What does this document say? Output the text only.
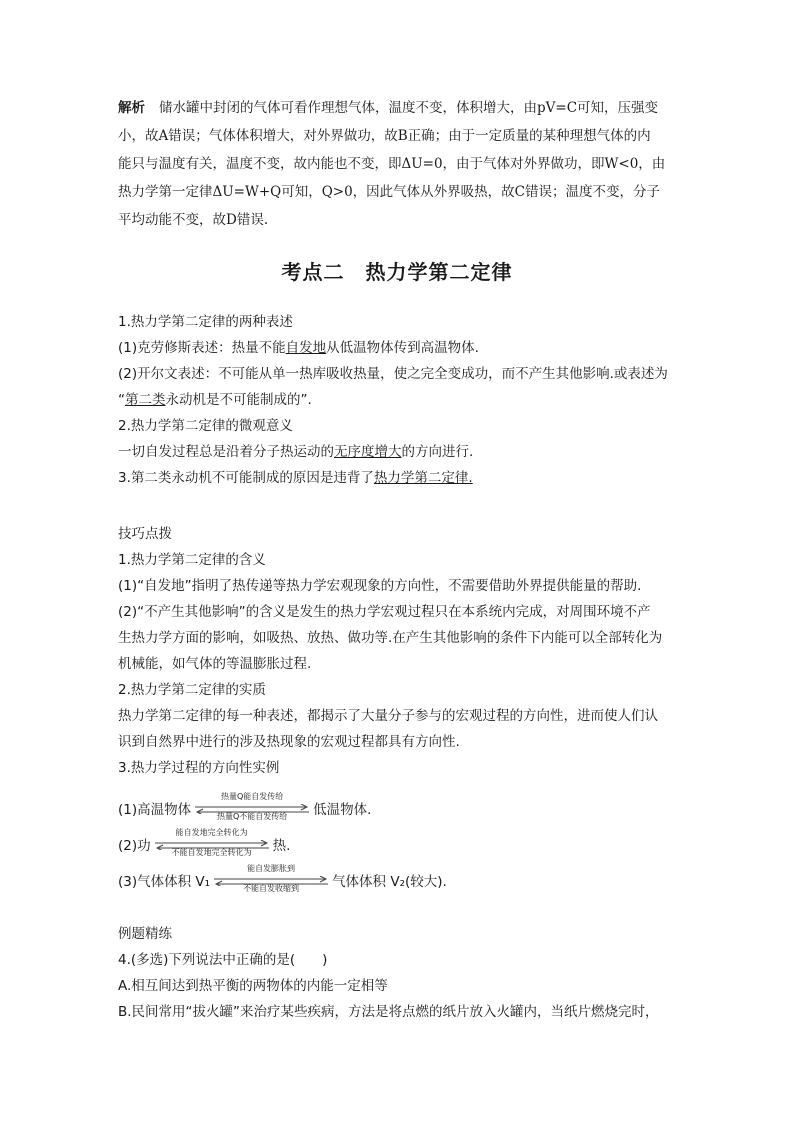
解析 储水罐中封闭的气体可看作理想气体，温度不变，体积增大，由pV=C可知，压强变
小，故A错误；气体体积增大，对外界做功，故B正确；由于一定质量的某种理想气体的内
能只与温度有关，温度不变，故内能也不变，即ΔU=0，由于气体对外界做功，即W<0，由
热力学第一定律ΔU=W+Q可知，Q>0，因此气体从外界吸热，故C错误；温度不变，分子
平均动能不变，故D错误.
考点二　热力学第二定律
1.热力学第二定律的两种表述
(1)克劳修斯表述：热量不能自发地从低温物体传到高温物体.
(2)开尔文表述：不可能从单一热库吸收热量，使之完全变成功，而不产生其他影响.或表述为
“第二类永动机是不可能制成的”.
2.热力学第二定律的微观意义
一切自发过程总是沿着分子热运动的无序度增大的方向进行.
3.第二类永动机不可能制成的原因是违背了热力学第二定律.
技巧点拨
1.热力学第二定律的含义
(1)“自发地”指明了热传递等热力学宏观现象的方向性，不需要借助外界提供能量的帮助.
(2)“不产生其他影响”的含义是发生的热力学宏观过程只在本系统内完成，对周围环境不产
生热力学方面的影响，如吸热、放热、做功等.在产生其他影响的条件下内能可以全部转化为
机械能，如气体的等温膨胀过程.
2.热力学第二定律的实质
热力学第二定律的每一种表述，都揭示了大量分子参与的宏观过程的方向性，进而使人们认
识到自然界中进行的涉及热现象的宏观过程都具有方向性.
3.热力学过程的方向性实例
(1)高温物体
热量Q能自发传给
热量Q不能自发传给	低温物体.
(2)功
能自发地完全转化为
不能自发地完全转化为	热.
(3)气体体积 V₁
能自发膨胀到
不能自发收缩到	气体体积 V₂(较大).
例题精练
4.(多选)下列说法中正确的是(　　)
A.相互间达到热平衡的两物体的内能一定相等
B.民间常用“拔火罐”来治疗某些疾病，方法是将点燃的纸片放入火罐内，当纸片燃烧完时，
